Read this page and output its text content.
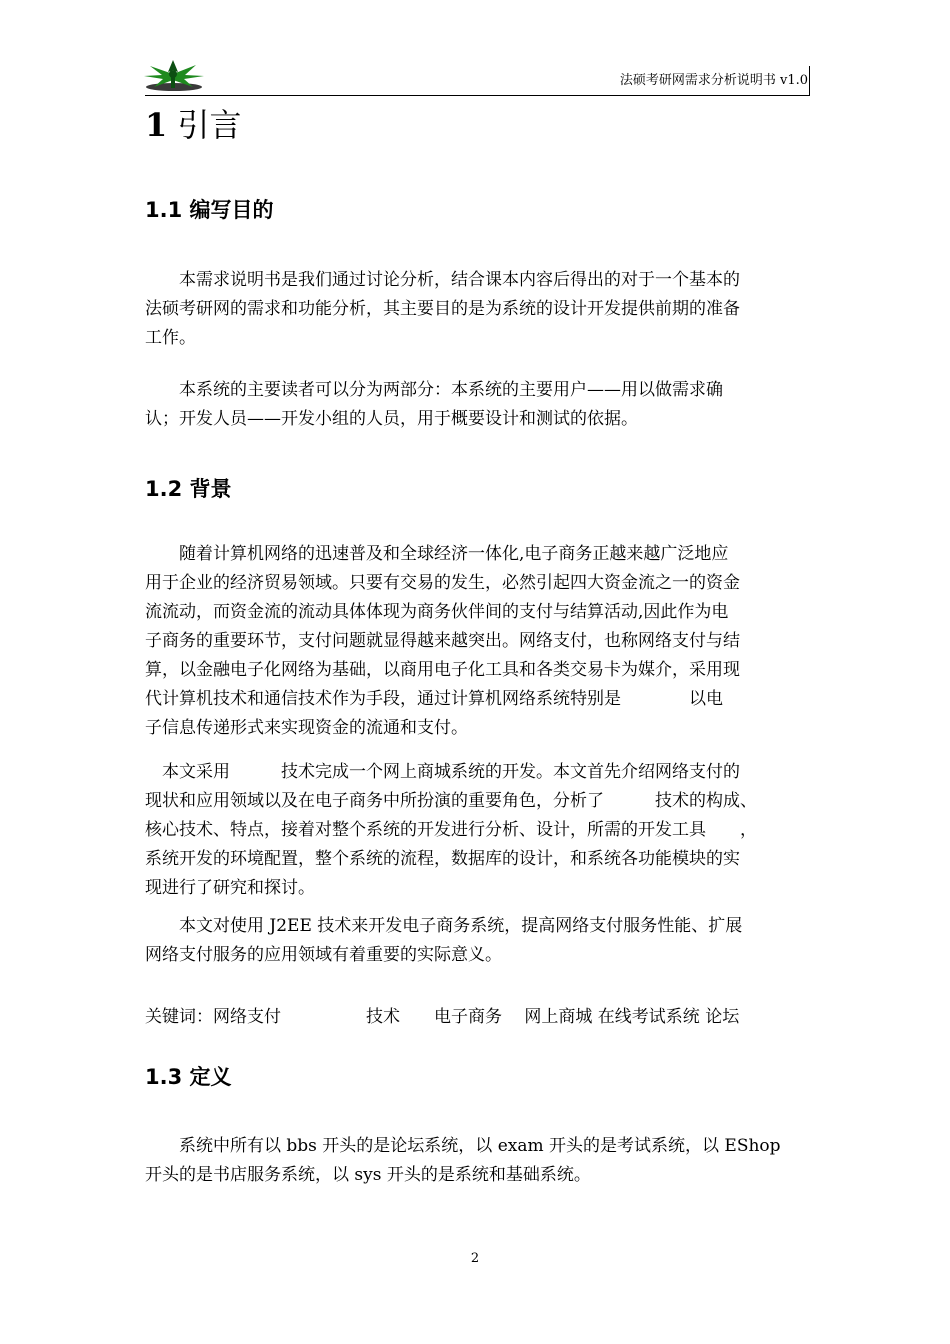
法硕考研网需求分析说明书 v1.0
1 引言
1.1 编写目的
本需求说明书是我们通过讨论分析，结合课本内容后得出的对于一个基本的
法硕考研网的需求和功能分析，其主要目的是为系统的设计开发提供前期的准备
工作。
本系统的主要读者可以分为两部分：本系统的主要用户——用以做需求确
认；开发人员——开发小组的人员，用于概要设计和测试的依据。
1.2 背景
随着计算机网络的迅速普及和全球经济一体化,电子商务正越来越广泛地应
用于企业的经济贸易领域。只要有交易的发生，必然引起四大资金流之一的资金
流流动，而资金流的流动具体体现为商务伙伴间的支付与结算活动,因此作为电
子商务的重要环节，支付问题就显得越来越突出。网络支付，也称网络支付与结
算，以金融电子化网络为基础，以商用电子化工具和各类交易卡为媒介，采用现
代计算机技术和通信技术作为手段，通过计算机网络系统特别是　　　　以电
子信息传递形式来实现资金的流通和支付。
本文采用　　　技术完成一个网上商城系统的开发。本文首先介绍网络支付的
现状和应用领域以及在电子商务中所扮演的重要角色，分析了　　　技术的构成、
核心技术、特点，接着对整个系统的开发进行分析、设计，所需的开发工具　　，
系统开发的环境配置，整个系统的流程，数据库的设计，和系统各功能模块的实
现进行了研究和探讨。
本文对使用 J2EE 技术来开发电子商务系统，提高网络支付服务性能、扩展
网络支付服务的应用领域有着重要的实际意义。
关键词：网络支付　　　　　技术　　电子商务　 网上商城 在线考试系统 论坛
1.3 定义
系统中所有以 bbs 开头的是论坛系统，以 exam 开头的是考试系统，以 EShop
开头的是书店服务系统，以 sys 开头的是系统和基础系统。
2
